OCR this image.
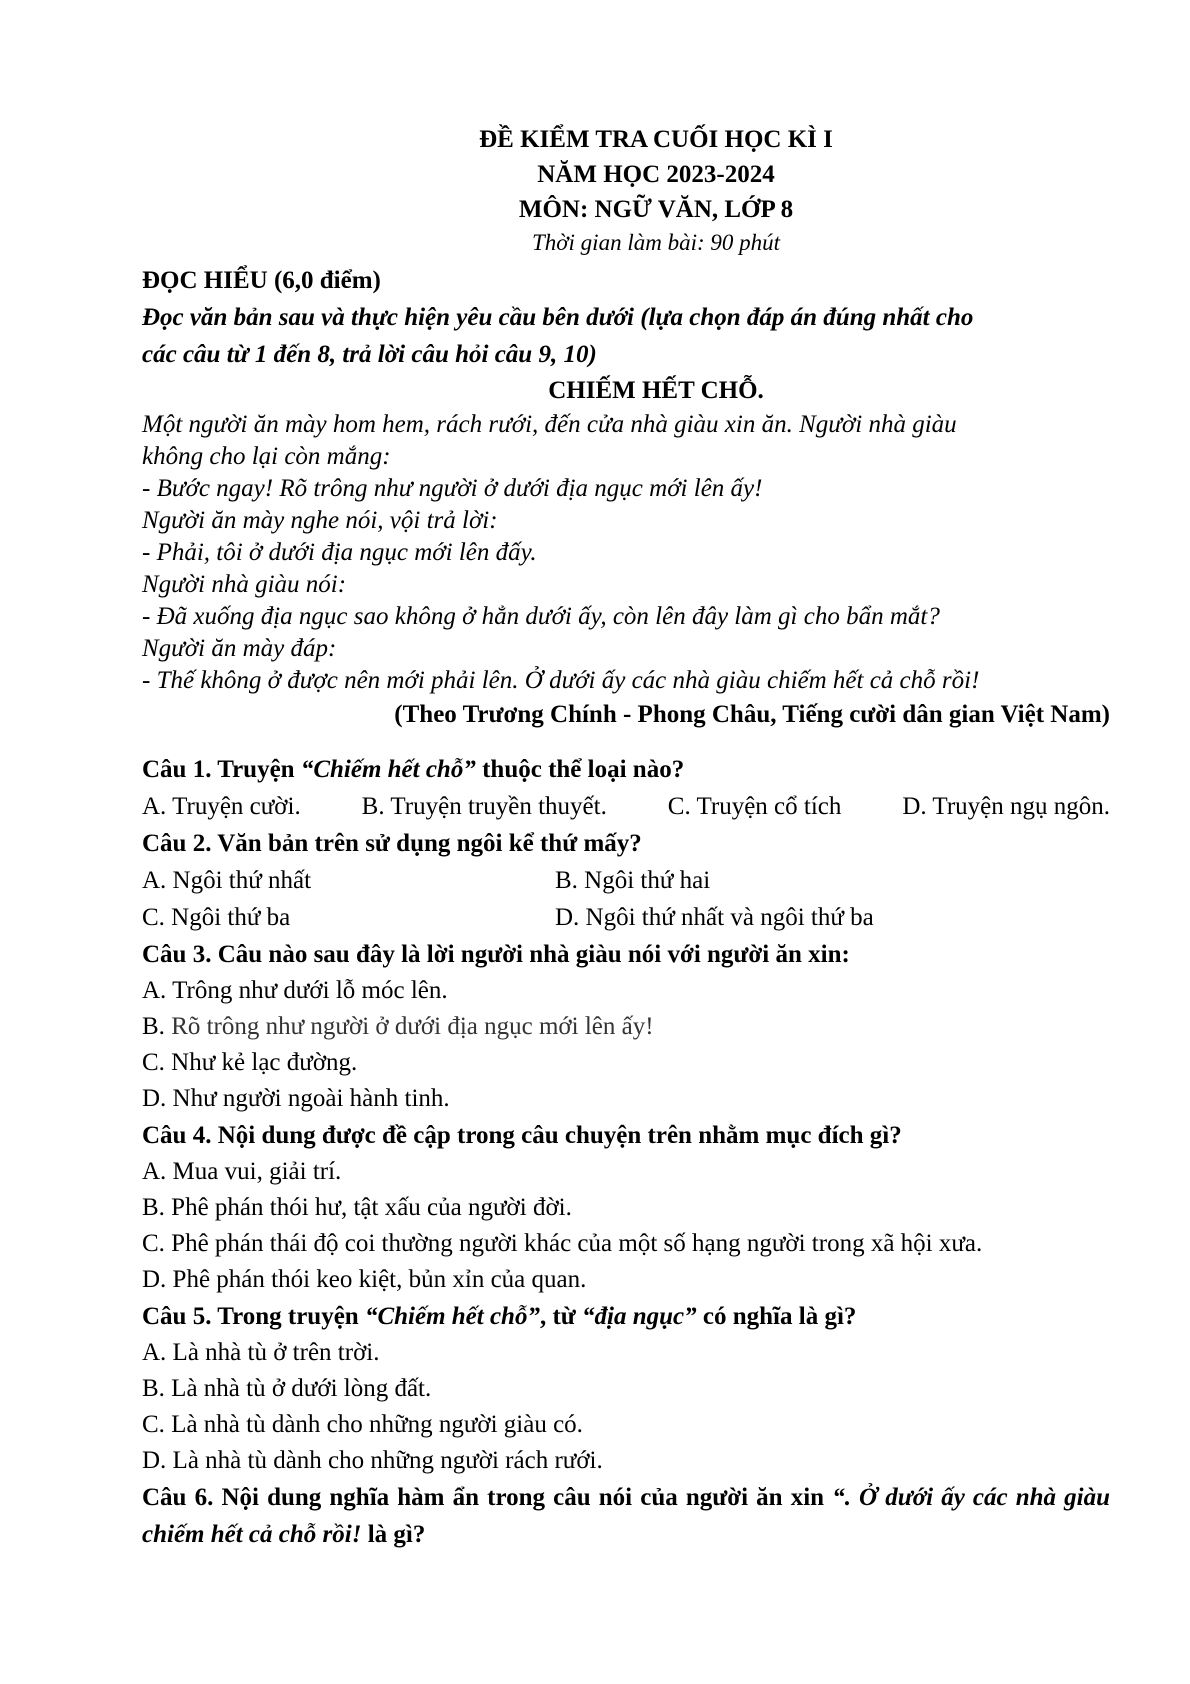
ĐỀ KIỂM TRA CUỐI HỌC KÌ I
NĂM HỌC 2023-2024
MÔN: NGỮ VĂN, LỚP 8
Thời gian làm bài: 90 phút
ĐỌC HIỂU (6,0 điểm)
Đọc văn bản sau và thực hiện yêu cầu bên dưới (lựa chọn đáp án đúng nhất cho
các câu từ 1 đến 8, trả lời câu hỏi câu 9, 10)
CHIẾM HẾT CHỖ.

Một người ăn mày hom hem, rách rưới, đến cửa nhà giàu xin ăn. Người nhà giàu

không cho lại còn mắng:

- Bước ngay! Rõ trông như người ở dưới địa ngục mới lên ấy!

Người ăn mày nghe nói, vội trả lời:

- Phải, tôi ở dưới địa ngục mới lên đấy.

Người nhà giàu nói:

- Đã xuống địa ngục sao không ở hẳn dưới ấy, còn lên đây làm gì cho bẩn mắt?

Người ăn mày đáp:

- Thế không ở được nên mới phải lên. Ở dưới ấy các nhà giàu chiếm hết cả chỗ rồi!

(Theo Trương Chính - Phong Châu, Tiếng cười dân gian Việt Nam)
Câu 1. Truyện “Chiếm hết chỗ” thuộc thể loại nào?
A. Truyện cười. B. Truyện truyền thuyết. C. Truyện cổ tích D. Truyện ngụ ngôn.
Câu 2. Văn bản trên sử dụng ngôi kể thứ mấy?
A. Ngôi thứ nhất	B. Ngôi thứ hai
C. Ngôi thứ ba	D. Ngôi thứ nhất và ngôi thứ ba
Câu 3. Câu nào sau đây là lời người nhà giàu nói với người ăn xin:
A. Trông như dưới lỗ móc lên.
B. Rõ trông như người ở dưới địa ngục mới lên ấy!
C. Như kẻ lạc đường.
D. Như người ngoài hành tinh.
Câu 4. Nội dung được đề cập trong câu chuyện trên nhằm mục đích gì?
A. Mua vui, giải trí.
B. Phê phán thói hư, tật xấu của người đời.
C. Phê phán thái độ coi thường người khác của một số hạng người trong xã hội xưa.
D. Phê phán thói keo kiệt, bủn xỉn của quan.
Câu 5. Trong truyện “Chiếm hết chỗ”, từ “địa ngục” có nghĩa là gì?
A. Là nhà tù ở trên trời.
B. Là nhà tù ở dưới lòng đất.
C. Là nhà tù dành cho những người giàu có.
D. Là nhà tù dành cho những người rách rưới.
Câu 6. Nội dung nghĩa hàm ẩn trong câu nói của người ăn xin “. Ở dưới ấy các nhà giàu chiếm hết cả chỗ rồi! là gì?
